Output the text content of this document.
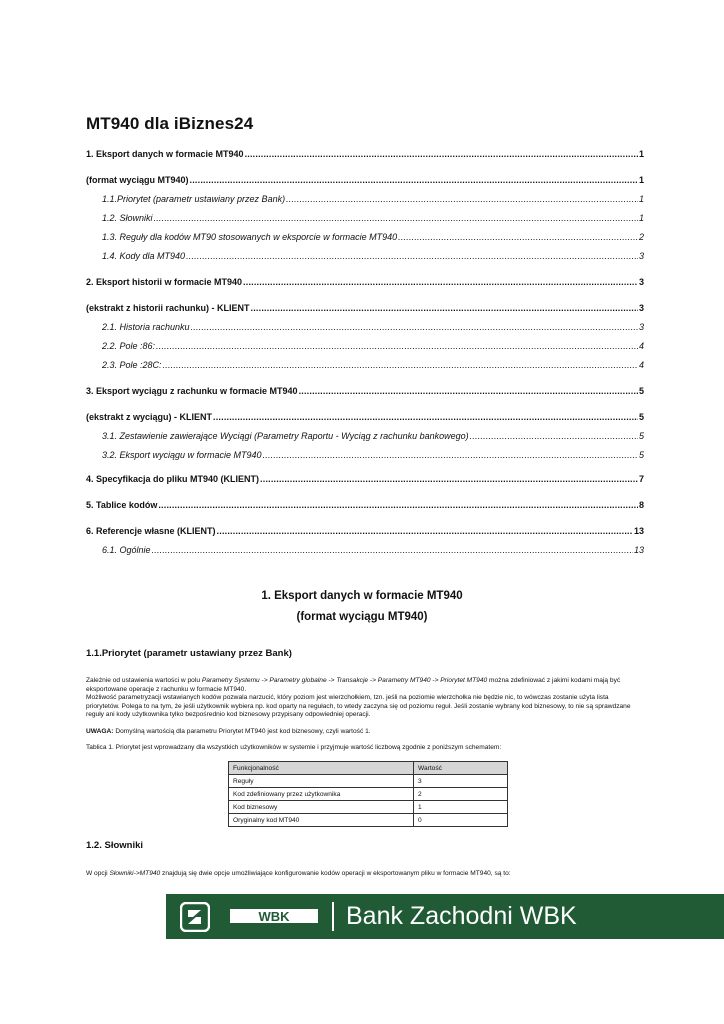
MT940 dla iBiznes24
1. Eksport danych w formacie MT940 .....	1
(format wyciągu MT940) .....	1
1.1.Priorytet (parametr ustawiany przez Bank) .....	1
1.2. Słowniki .....	1
1.3. Reguły dla kodów MT90 stosowanych w eksporcie w formacie MT940 .....	2
1.4. Kody dla MT940 .....	3
2. Eksport historii w formacie MT940 .....	3
(ekstrakt z historii rachunku) - KLIENT .....	3
2.1. Historia rachunku .....	3
2.2. Pole :86: .....	4
2.3. Pole :28C: .....	4
3. Eksport wyciągu z rachunku w formacie MT940 .....	5
(ekstrakt z wyciągu) - KLIENT .....	5
3.1. Zestawienie zawierające Wyciągi (Parametry Raportu - Wyciąg z rachunku bankowego) .....	5
3.2. Eksport wyciągu w formacie MT940 .....	5
4. Specyfikacja do pliku MT940 (KLIENT) .....	7
5. Tablice kodów .....	8
6. Referencje własne (KLIENT) .....	13
6.1. Ogólnie .....	13
1. Eksport danych w formacie MT940
(format wyciągu MT940)
1.1.Priorytet (parametr ustawiany przez Bank)

Zależnie od ustawienia wartości w polu Parametry Systemu -> Parametry globalne -> Transakcje -> Parametry MT940 -> Priorytet MT940 można zdefiniować z jakimi kodami mają być eksportowane operacje z rachunku w formacie MT940.
Możliwość parametryzacji wstawianych kodów pozwala narzucić, który poziom jest wierzchołkiem, tzn. jeśli na poziomie wierzchołka nie będzie nic, to wówczas zostanie użyta lista priorytetów. Polega to na tym, że jeśli użytkownik wybiera np. kod oparty na regułach, to wtedy zaczyna się od poziomu reguł. Jeśli zostanie wybrany kod biznesowy, to nie są sprawdzane reguły ani kody użytkownika tylko bezpośrednio kod biznesowy przypisany odpowiedniej operacji.

UWAGA: Domyślną wartością dla parametru Priorytet MT940 jest kod biznesowy, czyli wartość 1.

Tablica 1. Priorytet jest wprowadzany dla wszystkich użytkowników w systemie i przyjmuje wartość liczbową zgodnie z poniższym schematem:

Funkcjonalność	Wartość
Reguły	3
Kod zdefiniowany przez użytkownika	2
Kod biznesowy	1
Oryginalny kod MT940	0
1.2. Słowniki

W opcji Słowniki->MT940 znajdują się dwie opcje umożliwiające konfigurowanie kodów operacji w eksportowanym pliku w formacie MT940, są to:

WBK Bank Zachodni WBK
